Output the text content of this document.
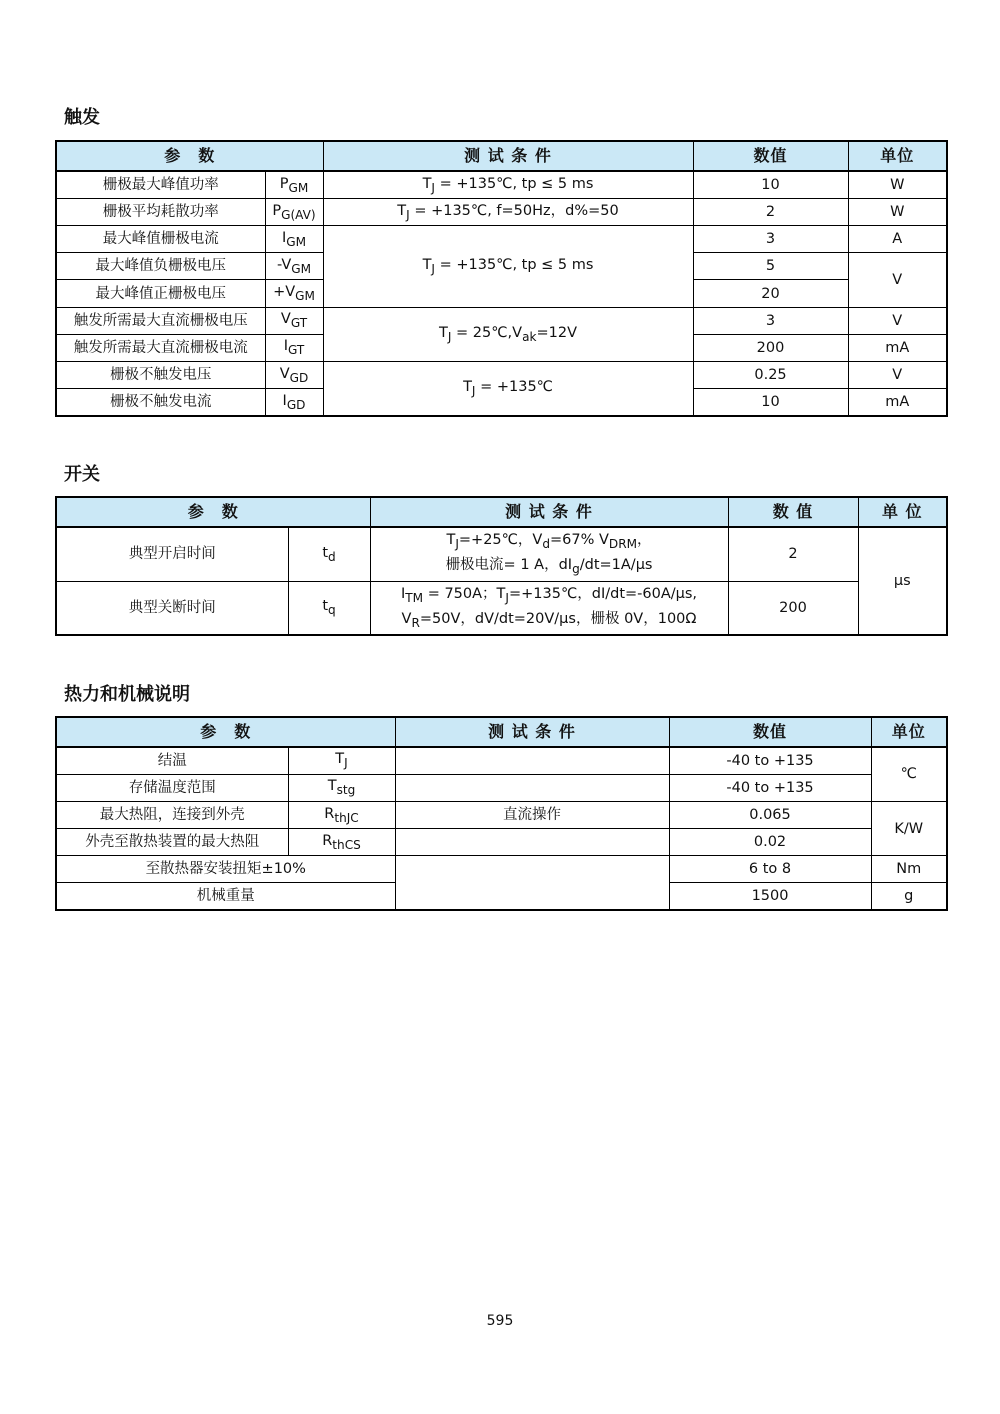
触发
参　数		测 试 条 件	数值	单位
栅极最大峰值功率	$P_{GM}$	$T_J$ = +135℃, tp ≤ 5 ms	10	W
栅极平均耗散功率	$P_{G(AV)}$	$T_J$ = +135℃, f=50Hz，d%=50	2	W
最大峰值栅极电流	$I_{GM}$	$T_J$ = +135℃, tp ≤ 5 ms	3	A
最大峰值负栅极电压	$-V_{GM}$		5	V
最大峰值正栅极电压	$+V_{GM}$		20	
触发所需最大直流栅极电压	$V_{GT}$	$T_J$ = $25℃,V_{ak}=12V$	3	V
触发所需最大直流栅极电流	$I_{GT}$		200	mA
栅极不触发电压	$V_{GD}$	$T_J$ = +135℃	0.25	V
栅极不触发电流	$I_{GD}$		10	mA
开关
参　数		测 试 条 件	数 值	单 位
典型开启时间	$t_d$	$T_J=+25℃$，$V_d=67\%$ $V_{DRM}$，
栅极电流= 1 A，$dI_g/dt=1A/\mu s$	2	μs
典型关断时间	$t_q$	$I_{TM} = 750A$；$T_J=+135℃$，dI/dt=-60A/μs,
$V_R=50V$，dV/dt=20V/μs，栅极 0V，100Ω	200	
热力和机械说明
参　数		测 试 条 件	数值	单位
结温	$T_J$		-40 to +135	℃
存储温度范围	$T_{stg}$		-40 to +135	
最大热阻，连接到外壳	$R_{thJC}$	直流操作	0.065	K/W
外壳至散热装置的最大热阻	$R_{thCS}$		0.02	
至散热器安装扭矩±10%			6 to 8	Nm
机械重量			1500	g
595
